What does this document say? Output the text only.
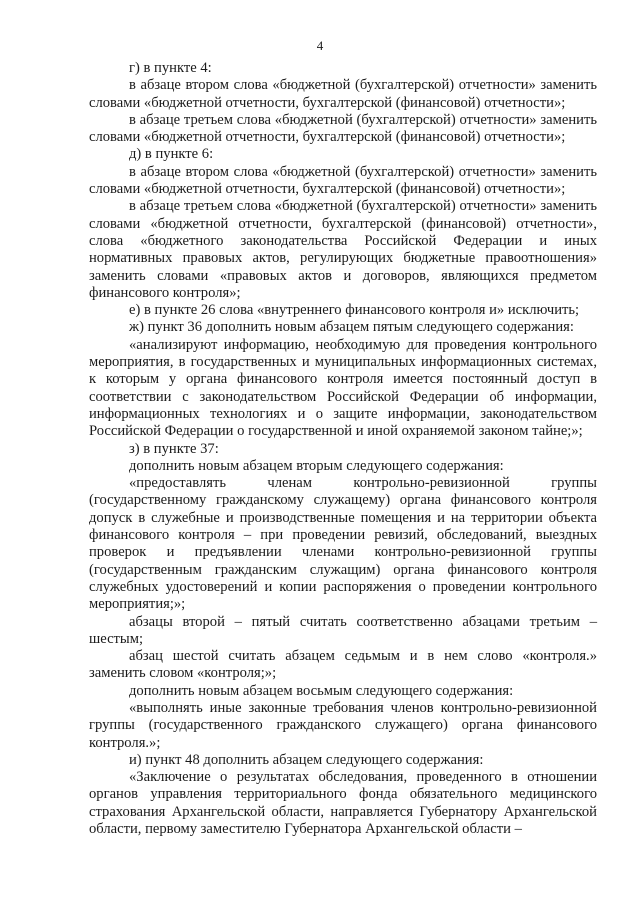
4

г) в пункте 4:

в абзаце втором слова «бюджетной (бухгалтерской) отчетности» заменить словами «бюджетной отчетности, бухгалтерской (финансовой) отчетности»;

в абзаце третьем слова «бюджетной (бухгалтерской) отчетности» заменить словами «бюджетной отчетности, бухгалтерской (финансовой) отчетности»;

д) в пункте 6:

в абзаце втором слова «бюджетной (бухгалтерской) отчетности» заменить словами «бюджетной отчетности, бухгалтерской (финансовой) отчетности»;

в абзаце третьем слова «бюджетной (бухгалтерской) отчетности» заменить словами «бюджетной отчетности, бухгалтерской (финансовой) отчетности», слова «бюджетного законодательства Российской Федерации и иных нормативных правовых актов, регулирующих бюджетные правоотношения» заменить словами «правовых актов и договоров, являющихся предметом финансового контроля»;

е) в пункте 26 слова «внутреннего финансового контроля и» исключить;

ж) пункт 36 дополнить новым абзацем пятым следующего содержания:

«анализируют информацию, необходимую для проведения контрольного мероприятия, в государственных и муниципальных информационных системах, к которым у органа финансового контроля имеется постоянный доступ в соответствии с законодательством Российской Федерации об информации, информационных технологиях и о защите информации, законодательством Российской Федерации о государственной и иной охраняемой законом тайне;»;

з) в пункте 37:

дополнить новым абзацем вторым следующего содержания:

«предоставлять членам контрольно-ревизионной группы (государственному гражданскому служащему) органа финансового контроля допуск в служебные и производственные помещения и на территории объекта финансового контроля – при проведении ревизий, обследований, выездных проверок и предъявлении членами контрольно-ревизионной группы (государственным гражданским служащим) органа финансового контроля служебных удостоверений и копии распоряжения о проведении контрольного мероприятия;»;

абзацы второй – пятый считать соответственно абзацами третьим – шестым;

абзац шестой считать абзацем седьмым и в нем слово «контроля.» заменить словом «контроля;»;

дополнить новым абзацем восьмым следующего содержания:

«выполнять иные законные требования членов контрольно-ревизионной группы (государственного гражданского служащего) органа финансового контроля.»;

и) пункт 48 дополнить абзацем следующего содержания:

«Заключение о результатах обследования, проведенного в отношении органов управления территориального фонда обязательного медицинского страхования Архангельской области, направляется Губернатору Архангельской области, первому заместителю Губернатора Архангельской области –
